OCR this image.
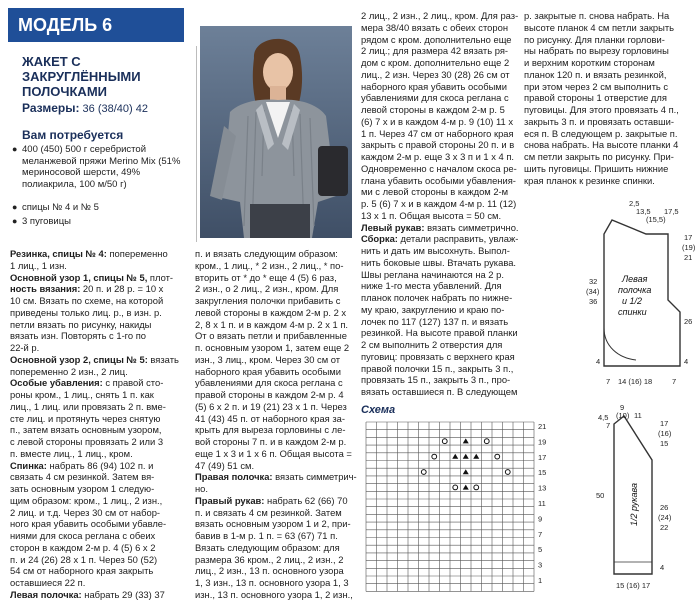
МОДЕЛЬ 6
ЖАКЕТ С ЗАКРУГЛЁННЫМИ ПОЛОЧКАМИ
Размеры: 36 (38/40) 42
Вам потребуется
● 400 (450) 500 г серебристой меланжевой пряжи Merino Mix (51% мериносовой шерсти, 49% полиакрила, 100 м/50 г)
● спицы № 4 и № 5
● 3 пуговицы
Резинка, спицы № 4: попеременно
1 лиц., 1 изн.
Основной узор 1, спицы № 5, плот-
ность вязания: 20 п. и 28 р. = 10 х
10 см. Вязать по схеме, на которой
приведены только лиц. р., в изн. р.
петли вязать по рисунку, накиды
вязать изн. Повторять с 1-го по
22-й р.
Основной узор 2, спицы № 5: вязать
попеременно 2 изн., 2 лиц.
Особые убавления: с правой сто-
роны кром., 1 лиц., снять 1 п. как
лиц., 1 лиц. или провязать 2 п. вме-
сте лиц. и протянуть через снятую
п., затем вязать основным узором,
с левой стороны провязать 2 или 3
п. вместе лиц., 1 лиц., кром.
Спинка: набрать 86 (94) 102 п. и
связать 4 см резинкой. Затем вя-
зать основным узором 1 следую-
щим образом: кром., 1 лиц., 2 изн.,
2 лиц. и т.д. Через 30 см от набор-
ного края убавить особыми убавле-
ниями для скоса реглана с обеих
сторон в каждом 2-м р. 4 (5) 6 х 2
п. и 24 (26) 28 х 1 п. Через 50 (52)
54 см от наборного края закрыть
оставшиеся 22 п.
Левая полочка: набрать 29 (33) 37
п. и вязать следующим образом:
кром., 1 лиц., * 2 изн., 2 лиц., * по-
вторить от * до * еще 4 (5) 6 раз,
2 изн., о 2 лиц., 2 изн., кром. Для
закругления полочки прибавить с
левой стороны в каждом 2-м р. 2 х
2, 8 х 1 п. и в каждом 4-м р. 2 х 1 п.
От о вязать петли и прибавленные
п. основным узором 1, затем еще 2
изн., 3 лиц., кром. Через 30 см от
наборного края убавить особыми
убавлениями для скоса реглана с
правой стороны в каждом 2-м р. 4
(5) 6 х 2 п. и 19 (21) 23 х 1 п. Через
41 (43) 45 п. от наборного края за-
крыть для выреза горловины с ле-
вой стороны 7 п. и в каждом 2-м р.
еще 1 х 3 и 1 х 6 п. Общая высота =
47 (49) 51 см.
Правая полочка: вязать симметрич-
но.
Правый рукав: набрать 62 (66) 70
п. и связать 4 см резинкой. Затем
вязать основным узором 1 и 2, при-
бавив в 1-м р. 1 п. = 63 (67) 71 п.
Вязать следующим образом: для
размера 36 кром., 2 лиц., 2 изн., 2
лиц., 2 изн., 13 п. основного узора
1, 3 изн., 13 п. основного узора 1, 3
изн., 13 п. основного узора 1, 2 изн.,
2 лиц., 2 изн., 2 лиц., кром. Для раз-
мера 38/40 вязать с обеих сторон
рядом с кром. дополнительно еще
2 лиц.; для размера 42 вязать ря-
дом с кром. дополнительно еще 2
лиц., 2 изн. Через 30 (28) 26 см от
наборного края убавить особыми
убавлениями для скоса реглана с
левой стороны в каждом 2-м р. 5
(6) 7 х и в каждом 4-м р. 9 (10) 11 х
1 п. Через 47 см от наборного края
закрыть с правой стороны 20 п. и в
каждом 2-м р. еще 3 х 3 п и 1 х 4 п.
Одновременно с началом скоса ре-
глана убавить особыми убавления-
ми с левой стороны в каждом 2-м
р. 5 (6) 7 х и в каждом 4-м р. 11 (12)
13 х 1 п. Общая высота = 50 см.
Левый рукав: вязать симметрично.
Сборка: детали расправить, увлаж-
нить и дать им высохнуть. Выпол-
нить боковые швы. Втачать рукава.
Швы реглана начинаются на 2 р.
ниже 1-го места убавлений. Для
планок полочек набрать по нижне-
му краю, закруглению и краю по-
лочек по 117 (127) 137 п. и вязать
резинкой. На высоте правой планки
2 см выполнить 2 отверстия для
пуговиц: провязать с верхнего края
правой полочки 15 п., закрыть 3 п.,
провязать 15 п., закрыть 3 п., про-
вязать оставшиеся п. В следующем
р. закрытые п. снова набрать. На
высоте планок 4 см петли закрыть
по рисунку. Для планки горлови-
ны набрать по вырезу горловины
и верхним коротким сторонам
планок 120 п. и вязать резинкой,
при этом через 2 см выполнить с
правой стороны 1 отверстие для
пуговицы. Для этого провязать 4 п.,
закрыть 3 п. и провязать оставши-
еся п. В следующем р. закрытые п.
снова набрать. На высоте планки 4
см петли закрыть по рисунку. При-
шить пуговицы. Пришить нижние
края планок к резинке спинки.
Схема
21
19
17
15
13
11
9
7
5
3
1
2,5
13,5
(15,5)
17,5
17
(19)
21
26
4
32
(34)
36
4
7 14 (16) 18	7
Левая
полочка
и 1/2
спинки
9
(10) 11
4,5
7	17
(16)
15
26
(24)
22
4
50
15 (16) 17
1/2 рукава
